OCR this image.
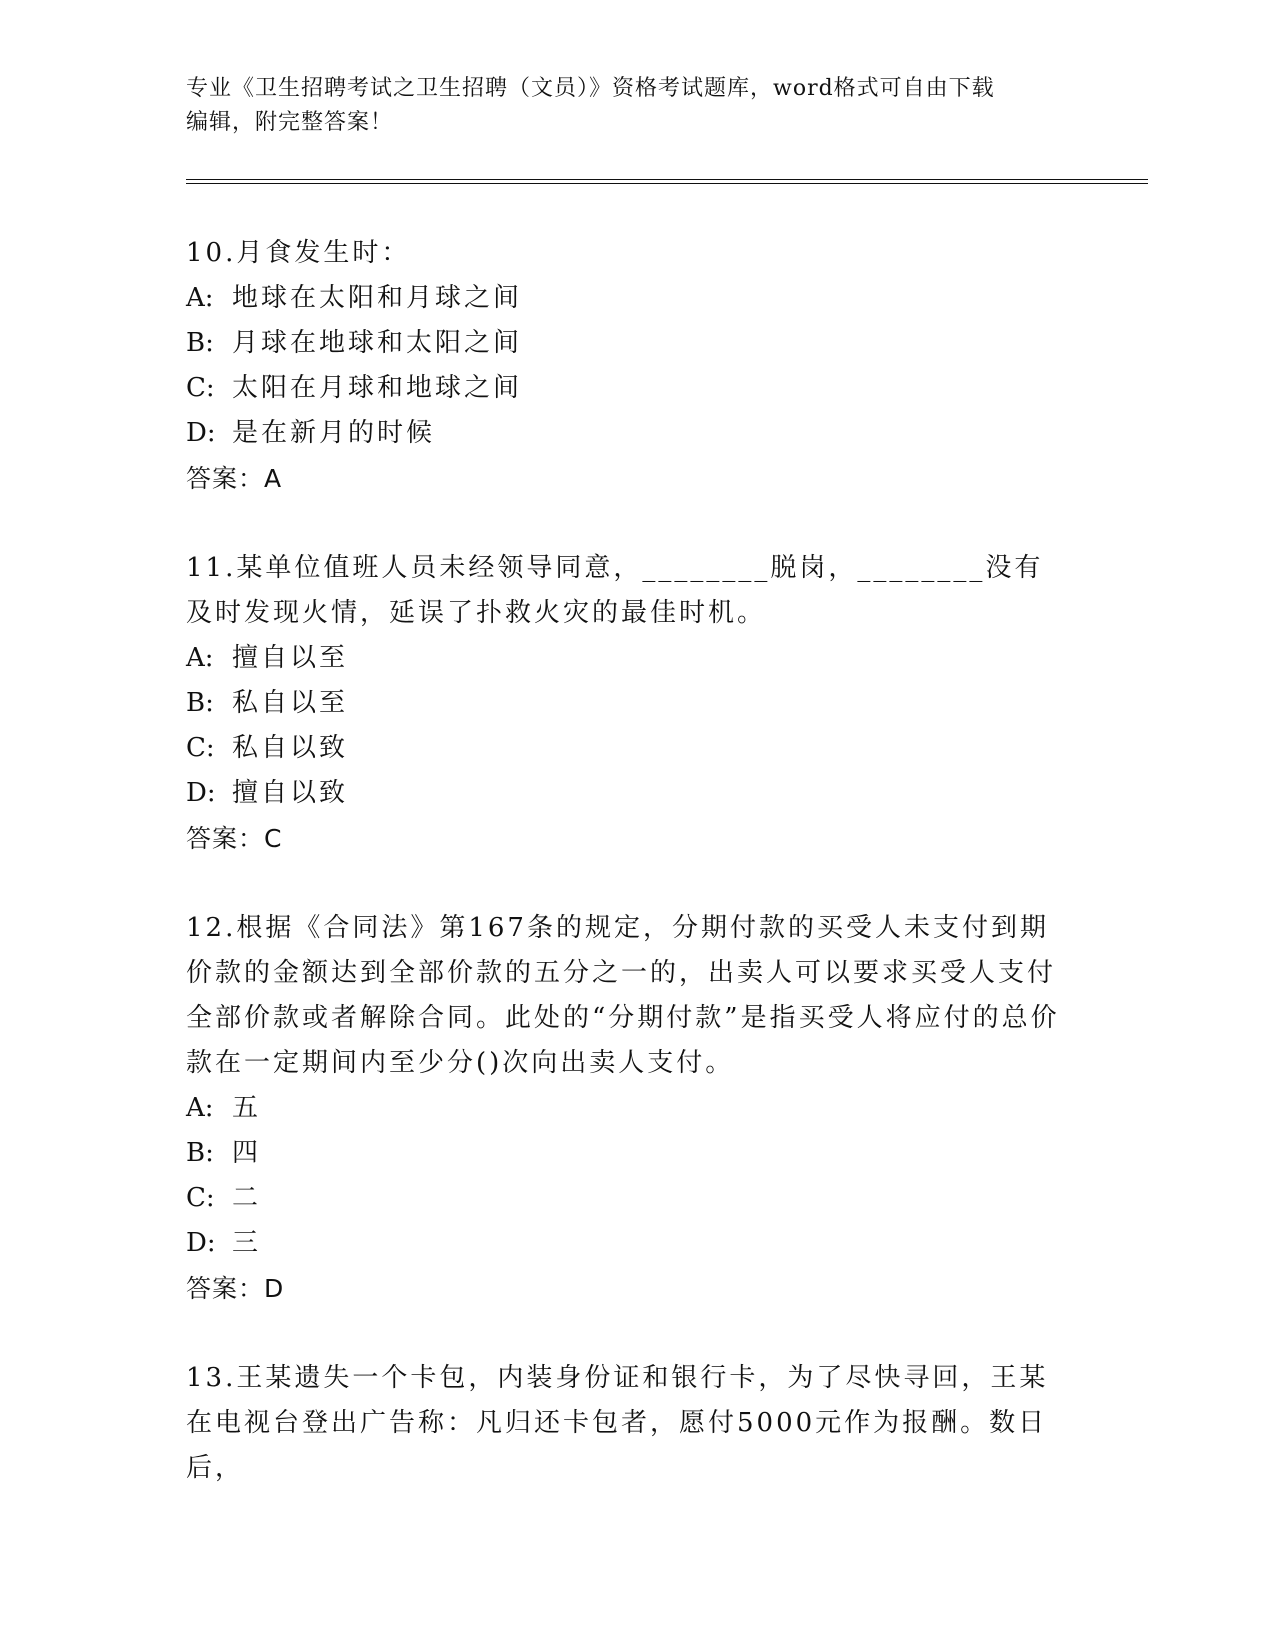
专业《卫生招聘考试之卫生招聘（文员）》资格考试题库，word格式可自由下载
编辑，附完整答案！
10.月食发生时：
A: 地球在太阳和月球之间
B: 月球在地球和太阳之间
C: 太阳在月球和地球之间
D: 是在新月的时候
答案：A
11.某单位值班人员未经领导同意，________脱岗，________没有及时发现火情，延误了扑救火灾的最佳时机。
A: 擅自以至
B: 私自以至
C: 私自以致
D: 擅自以致
答案：C
12.根据《合同法》第167条的规定，分期付款的买受人未支付到期价款的金额达到全部价款的五分之一的，出卖人可以要求买受人支付全部价款或者解除合同。此处的“分期付款”是指买受人将应付的总价款在一定期间内至少分()次向出卖人支付。
A: 五
B: 四
C: 二
D: 三
答案：D
13.王某遗失一个卡包，内装身份证和银行卡，为了尽快寻回，王某在电视台登出广告称：凡归还卡包者，愿付5000元作为报酬。数日后，
